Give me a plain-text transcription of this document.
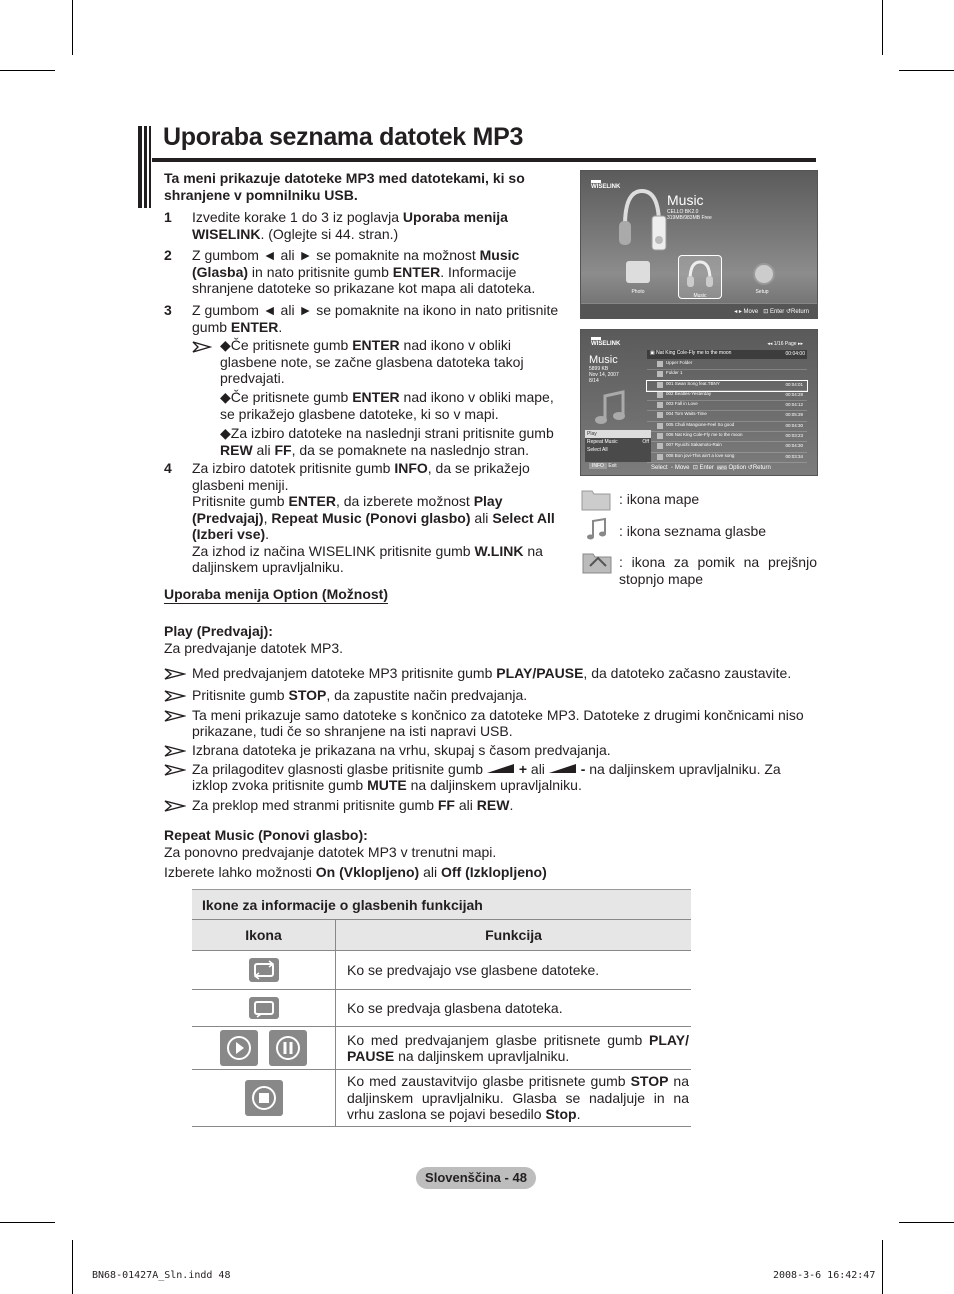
Uporaba seznama datotek MP3
Ta meni prikazuje datoteke MP3 med datotekami, ki so shranjene v pomnilniku USB.
1 Izvedite korake 1 do 3 iz poglavja Uporaba menija WISELINK. (Oglejte si 44. stran.)
2 Z gumbom ◄ ali ► se pomaknite na možnost Music (Glasba) in nato pritisnite gumb ENTER. Informacije shranjene datoteke so prikazane kot mapa ali datoteka.
3 Z gumbom ◄ ali ► se pomaknite na ikono in nato pritisnite gumb ENTER.
◆Če pritisnete gumb ENTER nad ikono v obliki glasbene note, se začne glasbena datoteka takoj predvajati.
◆Če pritisnete gumb ENTER nad ikono v obliki mape, se prikažejo glasbene datoteke, ki so v mapi.
◆Za izbiro datoteke na naslednji strani pritisnite gumb REW ali FF, da se pomaknete na naslednjo stran.
4 Za izbiro datotek pritisnite gumb INFO, da se prikažejo glasbeni meniji.
Pritisnite gumb ENTER, da izberete možnost Play (Predvajaj), Repeat Music (Ponovi glasbo) ali Select All (Izberi vse).
Za izhod iz načina WISELINK pritisnite gumb W.LINK na daljinskem upravljalniku.
Uporaba menija Option (Možnost)
Play (Predvajaj):
Za predvajanje datotek MP3.
Med predvajanjem datoteke MP3 pritisnite gumb PLAY/PAUSE, da datoteko začasno zaustavite.
Pritisnite gumb STOP, da zapustite način predvajanja.
Ta meni prikazuje samo datoteke s končnico za datoteke MP3. Datoteke z drugimi končnicami niso prikazane, tudi če so shranjene na isti napravi USB.
Izbrana datoteka je prikazana na vrhu, skupaj s časom predvajanja.
Za prilagoditev glasnosti glasbe pritisnite gumb  + ali  - na daljinskem upravljalniku. Za izklop zvoka pritisnite gumb MUTE na daljinskem upravljalniku.
Za preklop med stranmi pritisnite gumb FF ali REW.
Repeat Music (Ponovi glasbo):
Za ponovno predvajanje datotek MP3 v trenutni mapi.
Izberete lahko možnosti On (Vklopljeno) ali Off (Izklopljeno)
WISELINK
Music
CELLO BK2.0
319MB/983MB Free
Photo
Music
Setup
◂ ▸ Move ⊡ Enter ↺Return
WISELINK	◂◂ 1/16 Page ▸▸
Music
5899 KB
Nov 14, 2007
8/14
▣ Nat King Cole-Fly me to the moon	00:04:00
Upper Folder
Folder 1
001 Swan Song feat.TBNY	00:04:01
002 Beatles-Yesterday	00:04:28
003 Fall in Love	00:04:12
004 Tom Waits-Time	00:05:39
005 Chuli Mangione-Feel So good	00:04:30
006 Nat King Cole-Fly me to the moon	00:03:23
007 Ryuichi Sakamoto-Rain	00:04:30
008 Bon jovi-This ain't a love song	00:03:34
Play
Repeat Music	Off
Select All
INFO Exit	Select  ◦ Move  ⊡ Enter INFO Option ↺Return
: ikona mape
: ikona seznama glasbe
: ikona za pomik na prejšnjo stopnjo mape
Ikone za informacije o glasbenih funkcijah	
Ikona	Funkcija
	Ko se predvajajo vse glasbene datoteke.
	Ko se predvaja glasbena datoteka.
	Ko med predvajanjem glasbe pritisnete gumb PLAY/ PAUSE na daljinskem upravljalniku.
	Ko med zaustavitvijo glasbe pritisnete gumb STOP na daljinskem upravljalniku. Glasba se nadaljuje in na vrhu zaslona se pojavi besedilo Stop.
Slovenščina - 48
BN68-01427A_Sln.indd 48	2008-3-6 16:42:47
